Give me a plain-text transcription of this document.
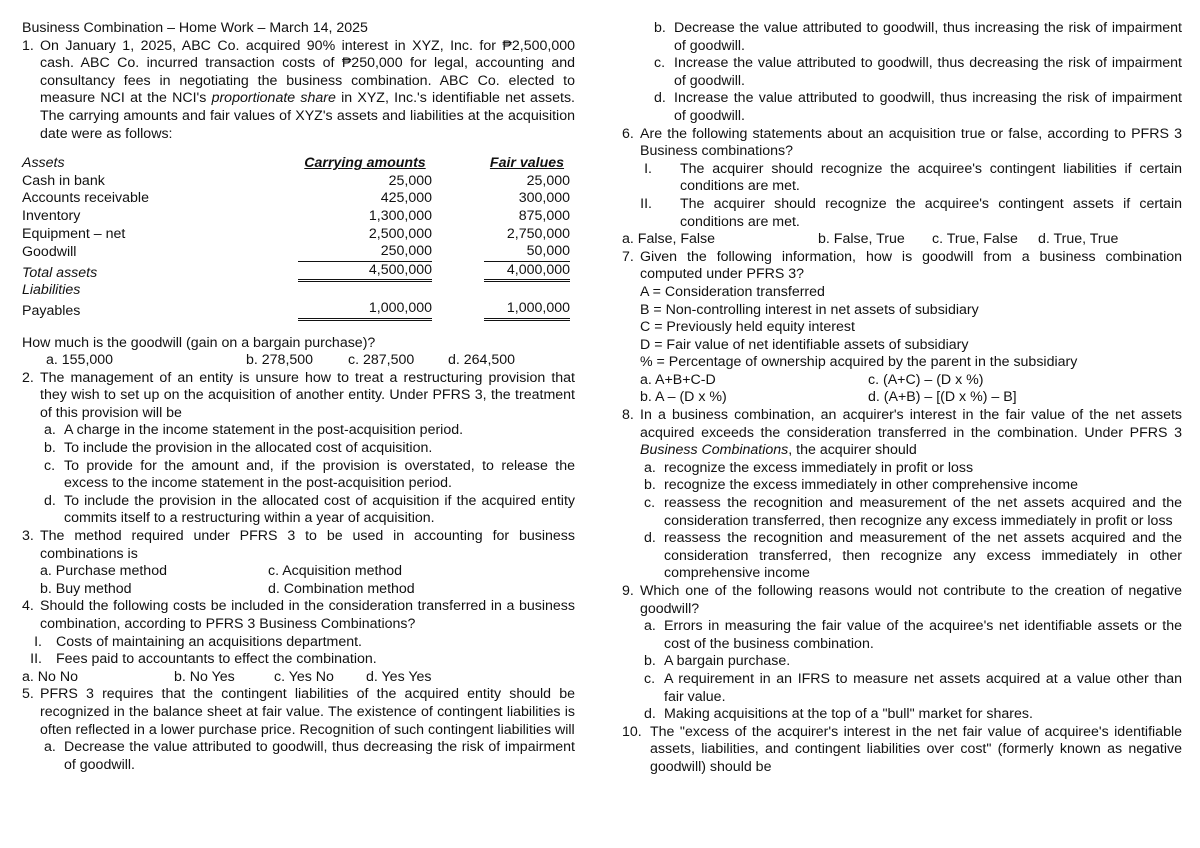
Business Combination – Home Work – March 14, 2025
1. On January 1, 2025, ABC Co. acquired 90% interest in XYZ, Inc. for ₱2,500,000 cash. ABC Co. incurred transaction costs of ₱250,000 for legal, accounting and consultancy fees in negotiating the business combination. ABC Co. elected to measure NCI at the NCI's proportionate share in XYZ, Inc.'s identifiable net assets. The carrying amounts and fair values of XYZ's assets and liabilities at the acquisition date were as follows:
Assets	Carrying amounts	Fair values
Cash in bank	25,000	25,000
Accounts receivable	425,000	300,000
Inventory	1,300,000	875,000
Equipment – net	2,500,000	2,750,000
Goodwill	250,000	50,000
Total assets	4,500,000	4,000,000
Liabilities		
Payables	1,000,000	1,000,000
How much is the goodwill (gain on a bargain purchase)?
a. 155,000	b. 278,500	c. 287,500	d. 264,500
2. The management of an entity is unsure how to treat a restructuring provision that they wish to set up on the acquisition of another entity. Under PFRS 3, the treatment of this provision will be
a. A charge in the income statement in the post-acquisition period.
b. To include the provision in the allocated cost of acquisition.
c. To provide for the amount and, if the provision is overstated, to release the excess to the income statement in the post-acquisition period.
d. To include the provision in the allocated cost of acquisition if the acquired entity commits itself to a restructuring within a year of acquisition.
3. The method required under PFRS 3 to be used in accounting for business combinations is
a. Purchase method	c. Acquisition method
b. Buy method	d. Combination method
4. Should the following costs be included in the consideration transferred in a business combination, according to PFRS 3 Business Combinations?
I. Costs of maintaining an acquisitions department.
II. Fees paid to accountants to effect the combination.
a. No No	b. No Yes	c. Yes No	d. Yes Yes
5. PFRS 3 requires that the contingent liabilities of the acquired entity should be recognized in the balance sheet at fair value. The existence of contingent liabilities is often reflected in a lower purchase price. Recognition of such contingent liabilities will
a. Decrease the value attributed to goodwill, thus decreasing the risk of impairment of goodwill.
b. Decrease the value attributed to goodwill, thus increasing the risk of impairment of goodwill.
c. Increase the value attributed to goodwill, thus decreasing the risk of impairment of goodwill.
d. Increase the value attributed to goodwill, thus increasing the risk of impairment of goodwill.
6. Are the following statements about an acquisition true or false, according to PFRS 3 Business combinations?
I.	The acquirer should recognize the acquiree's contingent liabilities if certain conditions are met.
II.	The acquirer should recognize the acquiree's contingent assets if certain conditions are met.
a. False, False	b. False, True	c. True, False	d. True, True
7. Given the following information, how is goodwill from a business combination computed under PFRS 3?
A = Consideration transferred
B = Non-controlling interest in net assets of subsidiary
C = Previously held equity interest
D = Fair value of net identifiable assets of subsidiary
% = Percentage of ownership acquired by the parent in the subsidiary
a. A+B+C-D	c. (A+C) – (D x %)
b. A – (D x %)	d. (A+B) – [(D x %) – B]
8. In a business combination, an acquirer's interest in the fair value of the net assets acquired exceeds the consideration transferred in the combination. Under PFRS 3 Business Combinations, the acquirer should
a. recognize the excess immediately in profit or loss
b. recognize the excess immediately in other comprehensive income
c. reassess the recognition and measurement of the net assets acquired and the consideration transferred, then recognize any excess immediately in profit or loss
d. reassess the recognition and measurement of the net assets acquired and the consideration transferred, then recognize any excess immediately in other comprehensive income
9. Which one of the following reasons would not contribute to the creation of negative goodwill?
a. Errors in measuring the fair value of the acquiree's net identifiable assets or the cost of the business combination.
b. A bargain purchase.
c. A requirement in an IFRS to measure net assets acquired at a value other than fair value.
d. Making acquisitions at the top of a "bull" market for shares.
10. The "excess of the acquirer's interest in the net fair value of acquiree's identifiable assets, liabilities, and contingent liabilities over cost" (formerly known as negative goodwill) should be
